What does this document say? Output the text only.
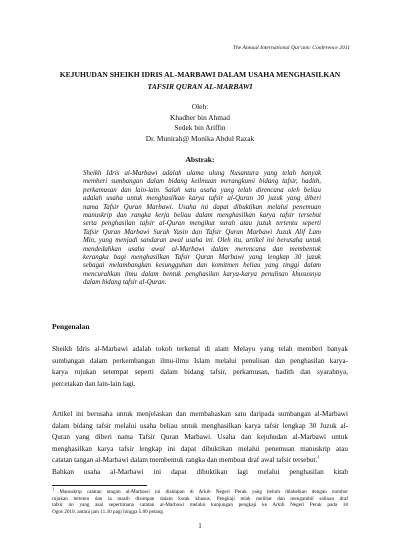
The Annual International Qur'anic Conference 2011
KEJUHUDAN SHEIKH IDRIS AL-MARBAWI DALAM USAHA MENGHASILKAN
TAFSIR QURAN AL-MARBAWI
Oleh:
Khadher bin Ahmad
Sedek bin Ariffin
Dr. Munirah@ Monika Abdul Razak
Abstrak:
Sheikh Idris al-Marbawi adalah ulama ulung Nusantara yang telah banyak
memberi sumbangan dalam bidang keilmuan merangkumi bidang tafsir, hadith,
perkamusan dan lain-lain. Salah satu usaha yang telah direncana oleh beliau
adalah usaha untuk menghasilkan karya tafsir al-Quran 30 juzuk yang diberi
nama Tafsir Quran Marbawi. Usaha ini dapat dibuktikan melalui penemuan
manuskrip dan rangka kerja beliau dalam menghasilkan karya tafsir tersebut
serta penghasilan tafsir al-Quran mengikut surah atau juzuk tertentu seperti
Tafsir Quran Marbawi Surah Yasin dan Tafsir Quran Marbawi Juzuk Alif Lam
Min, yang menjadi sandaran awal usaha ini. Oleh itu, artikel ini berusaha untuk
mendedahkan usaha awal al-Marbawi dalam merencana dan membentuk
kerangka bagi menghasilkan Tafsir Quran Marbawi yang lengkap 30 juzuk
sebagai melambangkan kesungguhan dan komitmen beliau yang tinggi dalam
mencurahkan ilmu dalam bentuk penghasilan karya-karya penulisan khususnya
dalam bidang tafsir al-Quran.
Pengenalan
Sheikh Idris al-Marbawi adalah tokoh terkenal di alam Melayu yang telah memberi banyak
sumbangan dalam perkembangan ilmu-ilmu Islam melalui penulisan dan penghasilan karya-
karya rujukan setempat seperti dalam bidang tafsir, perkamusan, hadith dan syarahnya,
percetakan dan lain-lain lagi.
Artikel ini berusaha untuk menjelaskan dan membahaskan satu daripada sumbangan al-Marbawi
dalam bidang tafsir melalui usaha beliau untuk menghasilkan karya tafsir lengkap 30 Juzuk al-
Quran yang diberi nama Tafsir Quran Marbawi. Usaha dan kejuhudan al-Marbawi untuk
menghasilkan karya tafsir lengkap ini dapat dibuktikan melalui penemuan manuskrip atau
catatan tangan al-Marbawi dalam membentuk rangka dan membuat draf awal tafsir tersebut.$^1$
Bahkan usaha al-Marbawi ini dapat dibuktikan lagi melalui penghasilan kitab
$^1$ Manuskrip catatan tangan al-Marbawi ini disimpan di Arkib Negeri Perak yang belum dilabelkan dengan nombor
rujukan tertentu dan ia masih disimpan dalam kotak khusus. Pengkaji telah melihat dan mengambil salinan draf
tafsir ini yang asal sepertimana catatan al-Marbawi melalui kunjungan pengkaji ke Arkib Negeri Perak pada 18
Ogos 2010, antara jam 11.30 pagi hingga 5.00 petang.
1
